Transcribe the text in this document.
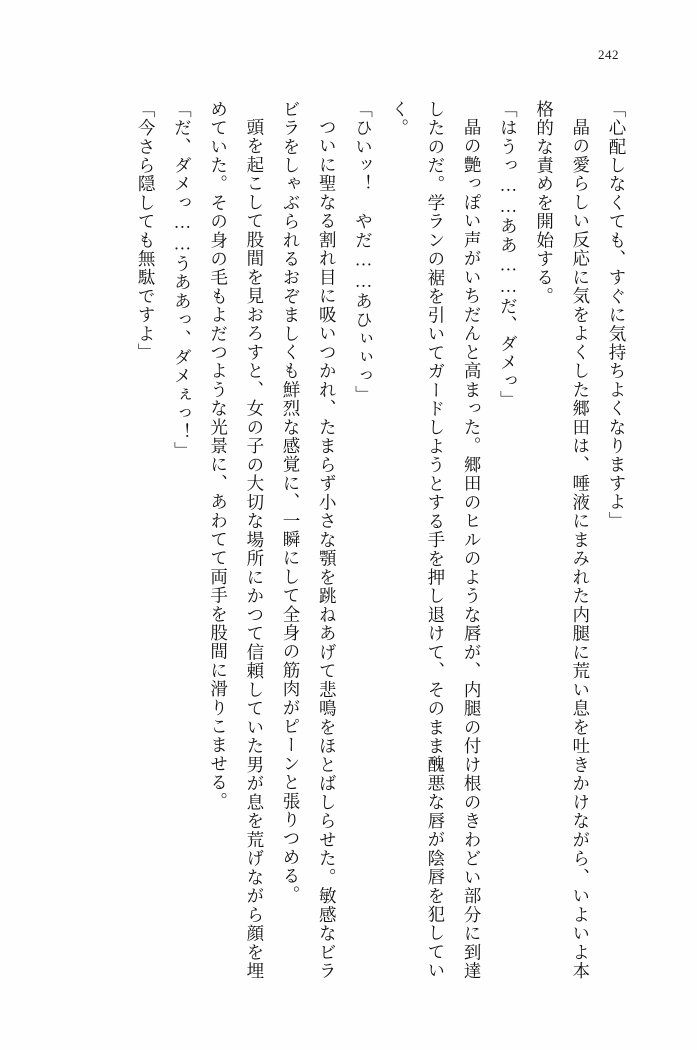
242

「心配しなくても、すぐに気持ちよくなりますよ」

晶の愛らしい反応に気をよくした郷田は、唾液にまみれた内腿に荒い息を吐きかけながら、いよいよ本格的な責めを開始する。

「はうっ……ああ……だ、ダメっ」

晶の艶っぽい声がいちだんと高まった。郷田のヒルのような唇が、内腿の付け根のきわどい部分に到達したのだ。学ランの裾を引いてガードしようとする手を押し退けて、そのまま醜悪な唇が陰唇を犯していく。

「ひいッ！　やだ……あひぃぃっ」

ついに聖なる割れ目に吸いつかれ、たまらず小さな顎を跳ねあげて悲鳴をほとばしらせた。敏感なビラビラをしゃぶられるおぞましくも鮮烈な感覚に、一瞬にして全身の筋肉がピーンと張りつめる。

頭を起こして股間を見おろすと、女の子の大切な場所にかつて信頼していた男が息を荒げながら顔を埋めていた。その身の毛もよだつような光景に、あわてて両手を股間に滑りこませる。

「だ、ダメっ……うああっ、ダメぇっ！」

「今さら隠しても無駄ですよ」
